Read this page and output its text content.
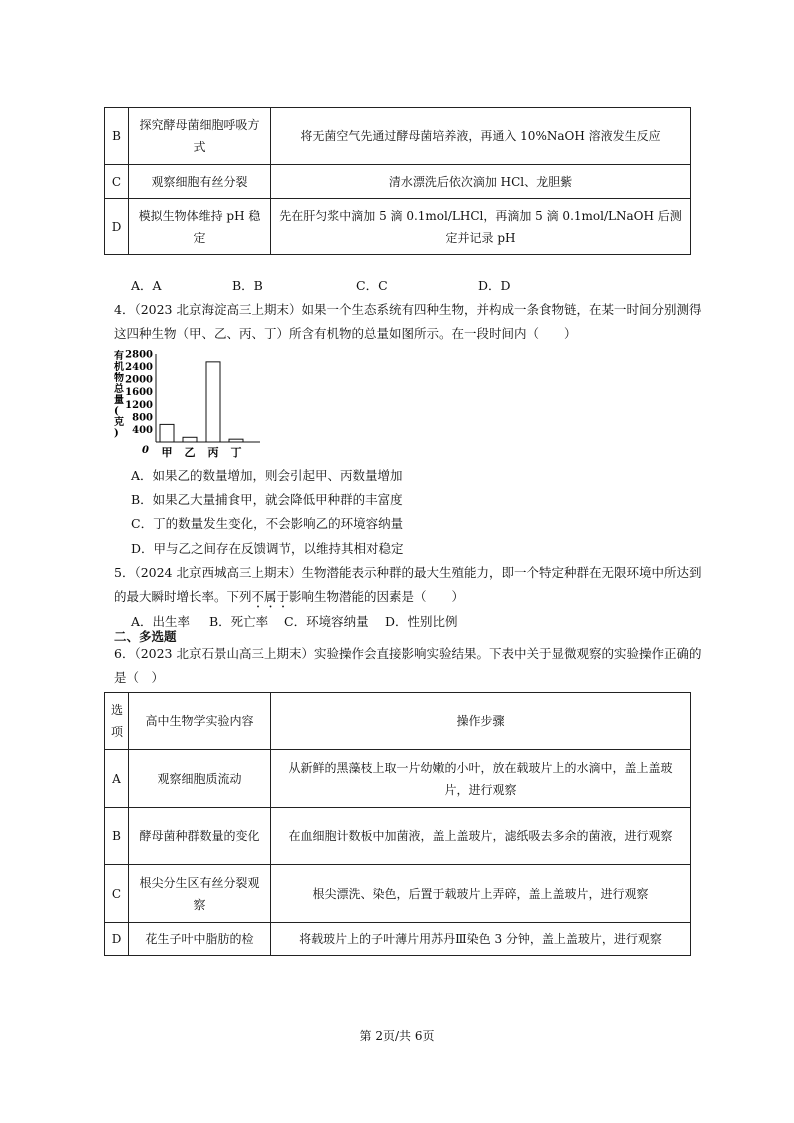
B	探究酵母菌细胞呼吸方式	将无菌空气先通过酵母菌培养液，再通入 10%NaOH 溶液发生反应
C	观察细胞有丝分裂	清水漂洗后依次滴加 HCl、龙胆紫
D	模拟生物体维持 pH 稳定	先在肝匀浆中滴加 5 滴 0.1mol/LHCl，再滴加 5 滴 0.1mol/LNaOH 后测定并记录 pH
A．A	B．B	C．C	D．D
4．（2023 北京海淀高三上期末）如果一个生态系统有四种生物，并构成一条食物链，在某一时间分别测得
这四种生物（甲、乙、丙、丁）所含有机物的总量如图所示。在一段时间内（　　）
有
机
物
总
量
(
克
)
2800
2400
2000
1600
1200
800
400
甲 乙 丙 丁
0
A．如果乙的数量增加，则会引起甲、丙数量增加
B．如果乙大量捕食甲，就会降低甲种群的丰富度
C．丁的数量发生变化，不会影响乙的环境容纳量
D．甲与乙之间存在反馈调节，以维持其相对稳定
5．（2024 北京西城高三上期末）生物潜能表示种群的最大生殖能力，即一个特定种群在无限环境中所达到
的最大瞬时增长率。下列不属于影响生物潜能的因素是（　　）
A．出生率 B．死亡率 C．环境容纳量 D．性别比例
二、多选题
6．（2023 北京石景山高三上期末）实验操作会直接影响实验结果。下表中关于显微观察的实验操作正确的
是（　）
选项	高中生物学实验内容	操作步骤
A	观察细胞质流动	从新鲜的黑藻枝上取一片幼嫩的小叶，放在载玻片上的水滴中，盖上盖玻片，进行观察
B	酵母菌种群数量的变化	在血细胞计数板中加菌液，盖上盖玻片，滤纸吸去多余的菌液，进行观察
C	根尖分生区有丝分裂观察	根尖漂洗、染色，后置于载玻片上弄碎，盖上盖玻片，进行观察
D	花生子叶中脂肪的检	将载玻片上的子叶薄片用苏丹Ⅲ染色 3 分钟，盖上盖玻片，进行观察
第 2页/共 6页
